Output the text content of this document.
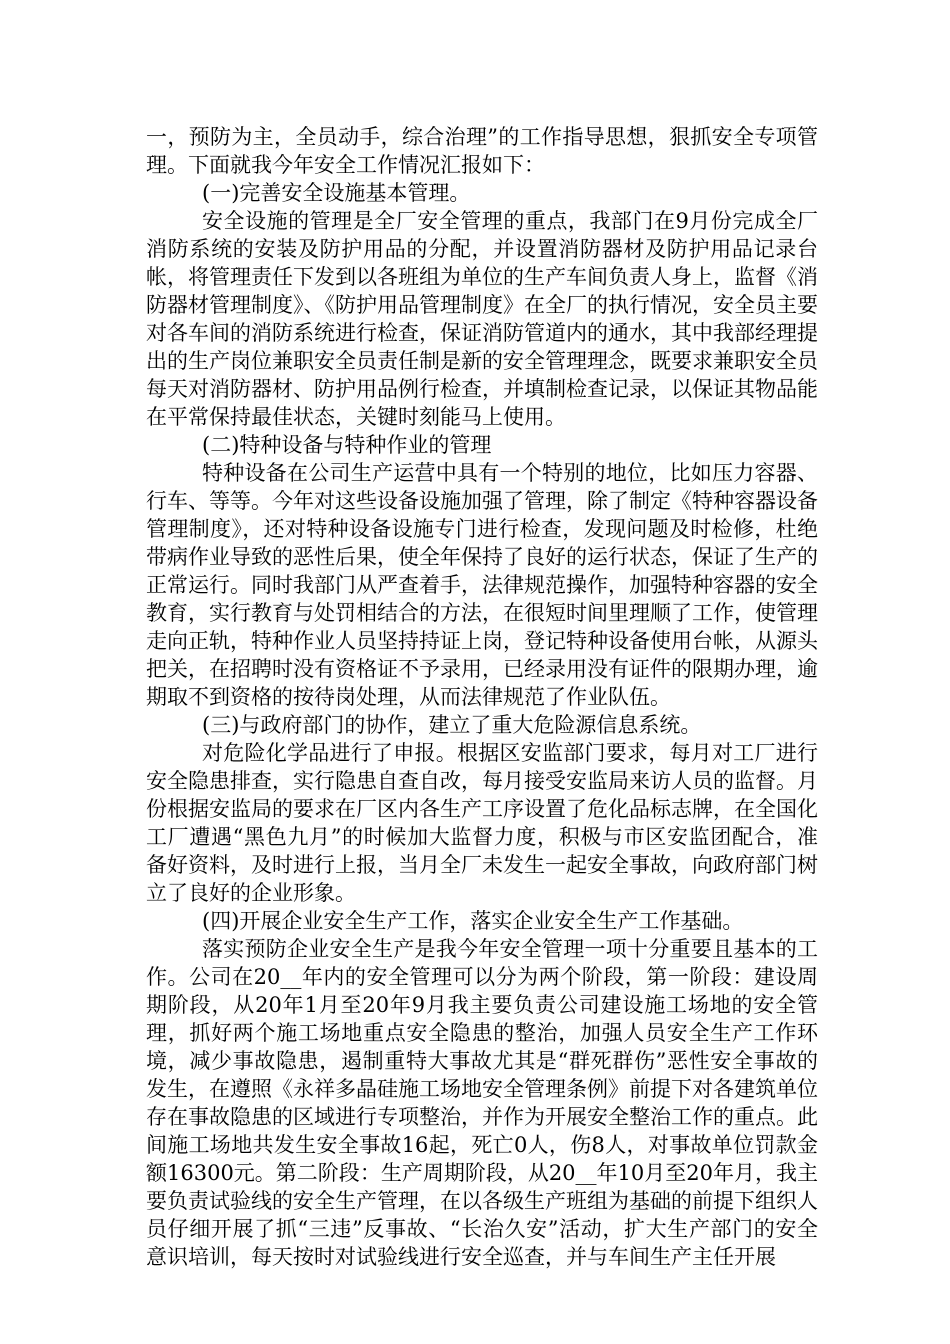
一，预防为主，全员动手，综合治理”的工作指导思想，狠抓安全专项管理。下面就我今年安全工作情况汇报如下：

(一)完善安全设施基本管理。

安全设施的管理是全厂安全管理的重点，我部门在9月份完成全厂消防系统的安装及防护用品的分配，并设置消防器材及防护用品记录台帐，将管理责任下发到以各班组为单位的生产车间负责人身上，监督《消防器材管理制度》、《防护用品管理制度》在全厂的执行情况，安全员主要对各车间的消防系统进行检查，保证消防管道内的通水，其中我部经理提出的生产岗位兼职安全员责任制是新的安全管理理念，既要求兼职安全员每天对消防器材、防护用品例行检查，并填制检查记录，以保证其物品能在平常保持最佳状态，关键时刻能马上使用。

(二)特种设备与特种作业的管理

特种设备在公司生产运营中具有一个特别的地位，比如压力容器、行车、等等。今年对这些设备设施加强了管理，除了制定《特种容器设备管理制度》，还对特种设备设施专门进行检查，发现问题及时检修，杜绝带病作业导致的恶性后果，使全年保持了良好的运行状态，保证了生产的正常运行。同时我部门从严查着手，法律规范操作，加强特种容器的安全教育，实行教育与处罚相结合的方法，在很短时间里理顺了工作，使管理走向正轨，特种作业人员坚持持证上岗，登记特种设备使用台帐，从源头把关，在招聘时没有资格证不予录用，已经录用没有证件的限期办理，逾期取不到资格的按待岗处理，从而法律规范了作业队伍。

(三)与政府部门的协作，建立了重大危险源信息系统。

对危险化学品进行了申报。根据区安监部门要求，每月对工厂进行安全隐患排查，实行隐患自查自改，每月接受安监局来访人员的监督。月份根据安监局的要求在厂区内各生产工序设置了危化品标志牌，在全国化工厂遭遇“黑色九月”的时候加大监督力度，积极与市区安监团配合，准备好资料，及时进行上报，当月全厂未发生一起安全事故，向政府部门树立了良好的企业形象。

(四)开展企业安全生产工作，落实企业安全生产工作基础。

落实预防企业安全生产是我今年安全管理一项十分重要且基本的工作。公司在20__年内的安全管理可以分为两个阶段，第一阶段：建设周期阶段，从20年1月至20年9月我主要负责公司建设施工场地的安全管理，抓好两个施工场地重点安全隐患的整治，加强人员安全生产工作环境，减少事故隐患，遏制重特大事故尤其是“群死群伤”恶性安全事故的发生，在遵照《永祥多晶硅施工场地安全管理条例》前提下对各建筑单位存在事故隐患的区域进行专项整治，并作为开展安全整治工作的重点。此间施工场地共发生安全事故16起，死亡0人，伤8人，对事故单位罚款金额16300元。第二阶段：生产周期阶段，从20__年10月至20年月，我主要负责试验线的安全生产管理，在以各级生产班组为基础的前提下组织人员仔细开展了抓“三违”反事故、“长治久安”活动，扩大生产部门的安全意识培训，每天按时对试验线进行安全巡查，并与车间生产主任开展
